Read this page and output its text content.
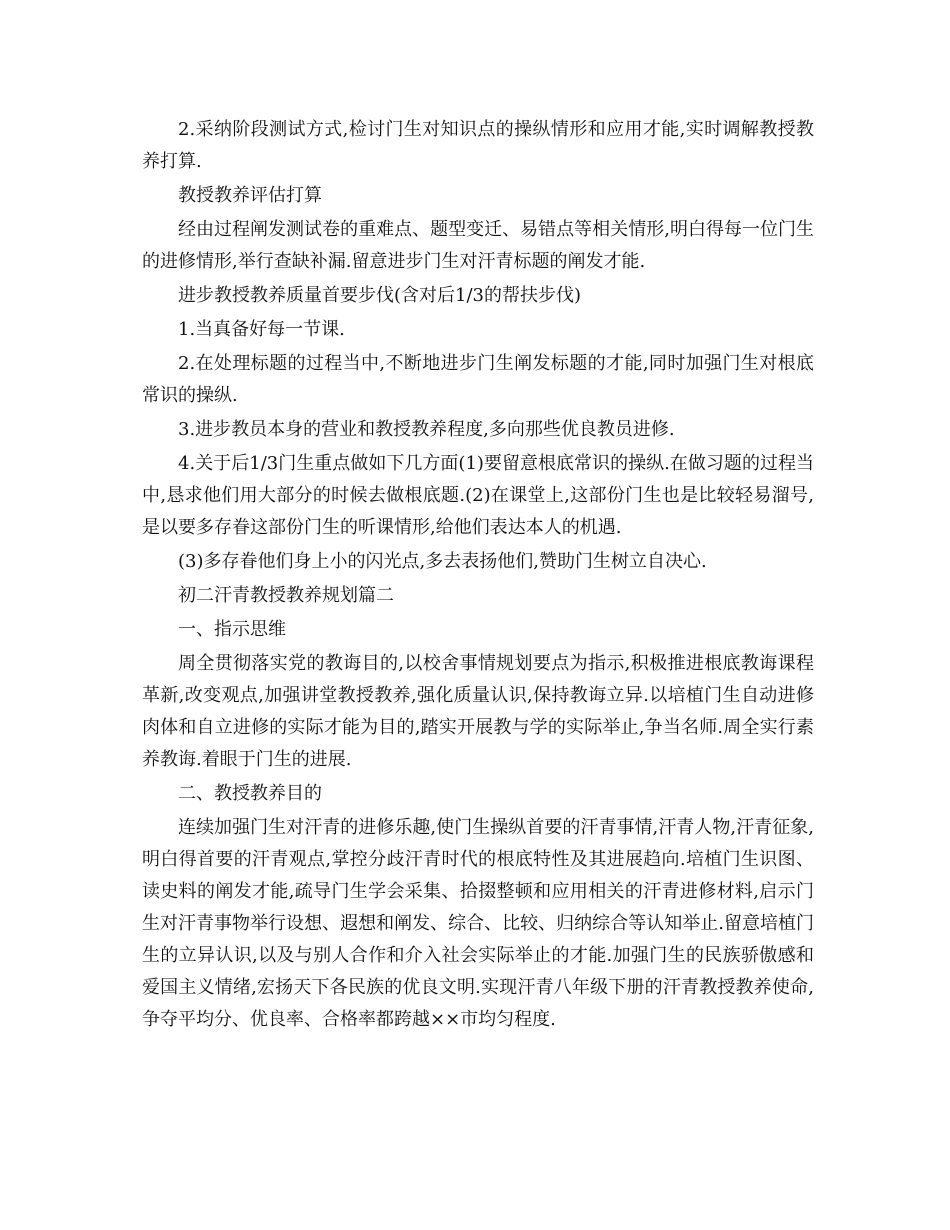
2.采纳阶段测试方式,检讨门生对知识点的操纵情形和应用才能,实时调解教授教养打算.

教授教养评估打算

经由过程阐发测试卷的重难点、题型变迁、易错点等相关情形,明白得每一位门生的进修情形,举行查缺补漏.留意进步门生对汗青标题的阐发才能.

进步教授教养质量首要步伐(含对后1/3的帮扶步伐)

1.当真备好每一节课.

2.在处理标题的过程当中,不断地进步门生阐发标题的才能,同时加强门生对根底常识的操纵.

3.进步教员本身的营业和教授教养程度,多向那些优良教员进修.

4.关于后1/3门生重点做如下几方面(1)要留意根底常识的操纵.在做习题的过程当中,恳求他们用大部分的时候去做根底题.(2)在课堂上,这部份门生也是比较轻易溜号,是以要多存眷这部份门生的听课情形,给他们表达本人的机遇.

(3)多存眷他们身上小的闪光点,多去表扬他们,赞助门生树立自决心.

初二汗青教授教养规划篇二

一、指示思维

周全贯彻落实党的教诲目的,以校舍事情规划要点为指示,积极推进根底教诲课程革新,改变观点,加强讲堂教授教养,强化质量认识,保持教诲立异.以培植门生自动进修肉体和自立进修的实际才能为目的,踏实开展教与学的实际举止,争当名师.周全实行素养教诲.着眼于门生的进展.

二、教授教养目的

连续加强门生对汗青的进修乐趣,使门生操纵首要的汗青事情,汗青人物,汗青征象,明白得首要的汗青观点,掌控分歧汗青时代的根底特性及其进展趋向.培植门生识图、读史料的阐发才能,疏导门生学会采集、拾掇整顿和应用相关的汗青进修材料,启示门生对汗青事物举行设想、遐想和阐发、综合、比较、归纳综合等认知举止.留意培植门生的立异认识,以及与别人合作和介入社会实际举止的才能.加强门生的民族骄傲感和爱国主义情绪,宏扬天下各民族的优良文明.实现汗青八年级下册的汗青教授教养使命,争夺平均分、优良率、合格率都跨越××市均匀程度.
